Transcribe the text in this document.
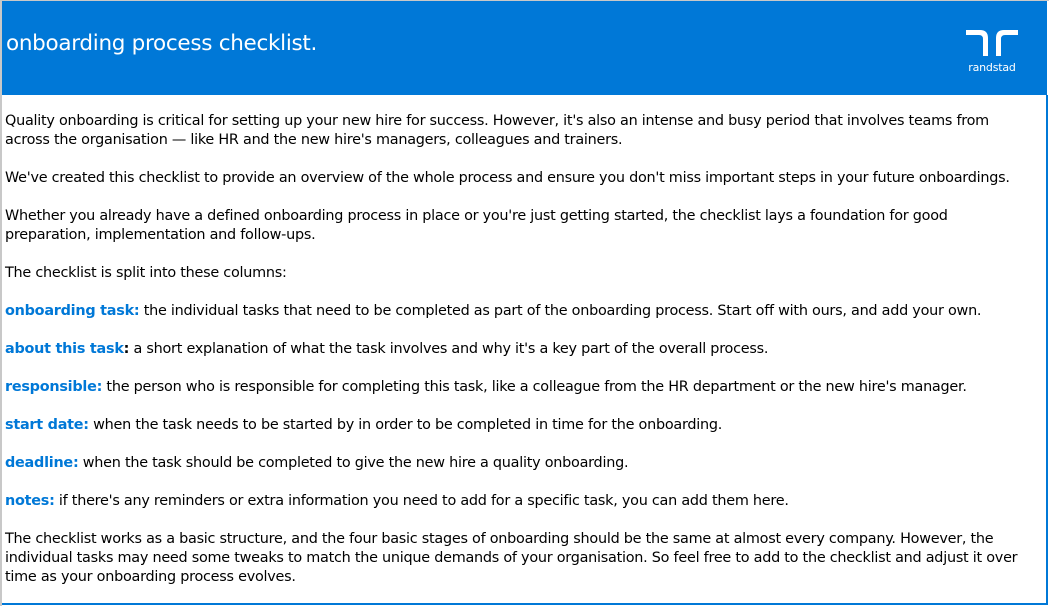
onboarding process checklist.
randstad
Quality onboarding is critical for setting up your new hire for success. However, it's also an intense and busy period that involves teams from
across the organisation — like HR and the new hire's managers, colleagues and trainers.
We've created this checklist to provide an overview of the whole process and ensure you don't miss important steps in your future onboardings.
Whether you already have a defined onboarding process in place or you're just getting started, the checklist lays a foundation for good
preparation, implementation and follow-ups.
The checklist is split into these columns:
onboarding task: the individual tasks that need to be completed as part of the onboarding process. Start off with ours, and add your own.
about this task: a short explanation of what the task involves and why it's a key part of the overall process.
responsible: the person who is responsible for completing this task, like a colleague from the HR department or the new hire's manager.
start date: when the task needs to be started by in order to be completed in time for the onboarding.
deadline: when the task should be completed to give the new hire a quality onboarding.
notes: if there's any reminders or extra information you need to add for a specific task, you can add them here.
The checklist works as a basic structure, and the four basic stages of onboarding should be the same at almost every company. However, the
individual tasks may need some tweaks to match the unique demands of your organisation. So feel free to add to the checklist and adjust it over
time as your onboarding process evolves.
